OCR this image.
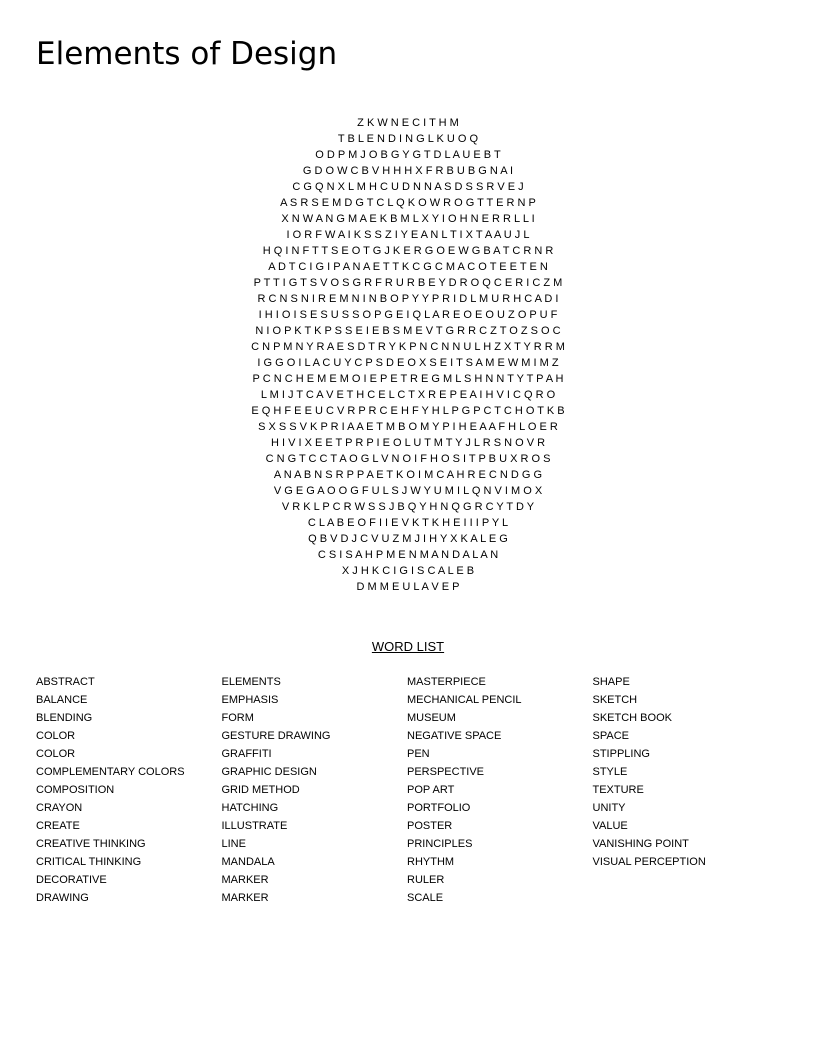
Elements of Design
Z K W N E C I T H M
T B L E N D I N G L K U O Q
O D P M J O B G Y G T D L A U E B T
G D O W C B V H H H X F R B U B G N A I
C G Q N X L M H C U D N N A S D S S R V E J
A S R S E M D G T C L Q K O W R O G T T E R N P
X N W A N G M A E K B M L X Y I O H N E R R L L I
I O R F W A I K S S Z I Y E A N L T I X T A A U J L
H Q I N F T T S E O T G J K E R G O E W G B A T C R N R
A D T C I G I P A N A E T T K C G C M A C O T E E T E N
P T T I G T S V O S G R F R U R B E Y D R O Q C E R I C Z M
R C N S N I R E M N I N B O P Y Y P R I D L M U R H C A D I
I H I O I S E S U S S O P G E I Q L A R E O E O U Z O P U F
N I O P K T K P S S E I E B S M E V T G R R C Z T O Z S O C
C N P M N Y R A E S D T R Y K P N C N N U L H Z X T Y R R M
I G G O I L A C U Y C P S D E O X S E I T S A M E W M I M Z
P C N C H E M E M O I E P E T R E G M L S H N N T Y T P A H
L M I J T C A V E T H C E L C T X R E P E A I H V I C Q R O
E Q H F E E U C V R P R C E H F Y H L P G P C T C H O T K B
S X S S V K P R I A A E T M B O M Y P I H E A A F H L O E R
H I V I X E E T P R P I E O L U T M T Y J L R S N O V R
C N G T C C T A O G L V N O I F H O S I T P B U X R O S
A N A B N S R P P A E T K O I M C A H R E C N D G G
V G E G A O O G F U L S J W Y U M I L Q N V I M O X
V R K L P C R W S S J B Q Y H N Q G R C Y T D Y
C L A B E O F I I E V K T K H E I I I P Y L
Q B V D J C V U Z M J I H Y X K A L E G
C S I S A H P M E N M A N D A L A N
X J H K C I G I S C A L E B
D M M E U L A V E P
WORD LIST
ABSTRACT
BALANCE
BLENDING
COLOR
COLOR
COMPLEMENTARY COLORS
COMPOSITION
CRAYON
CREATE
CREATIVE THINKING
CRITICAL THINKING
DECORATIVE
DRAWING
ELEMENTS
EMPHASIS
FORM
GESTURE DRAWING
GRAFFITI
GRAPHIC DESIGN
GRID METHOD
HATCHING
ILLUSTRATE
LINE
MANDALA
MARKER
MARKER
MASTERPIECE
MECHANICAL PENCIL
MUSEUM
NEGATIVE SPACE
PEN
PERSPECTIVE
POP ART
PORTFOLIO
POSTER
PRINCIPLES
RHYTHM
RULER
SCALE
SHAPE
SKETCH
SKETCH BOOK
SPACE
STIPPLING
STYLE
TEXTURE
UNITY
VALUE
VANISHING POINT
VISUAL PERCEPTION
